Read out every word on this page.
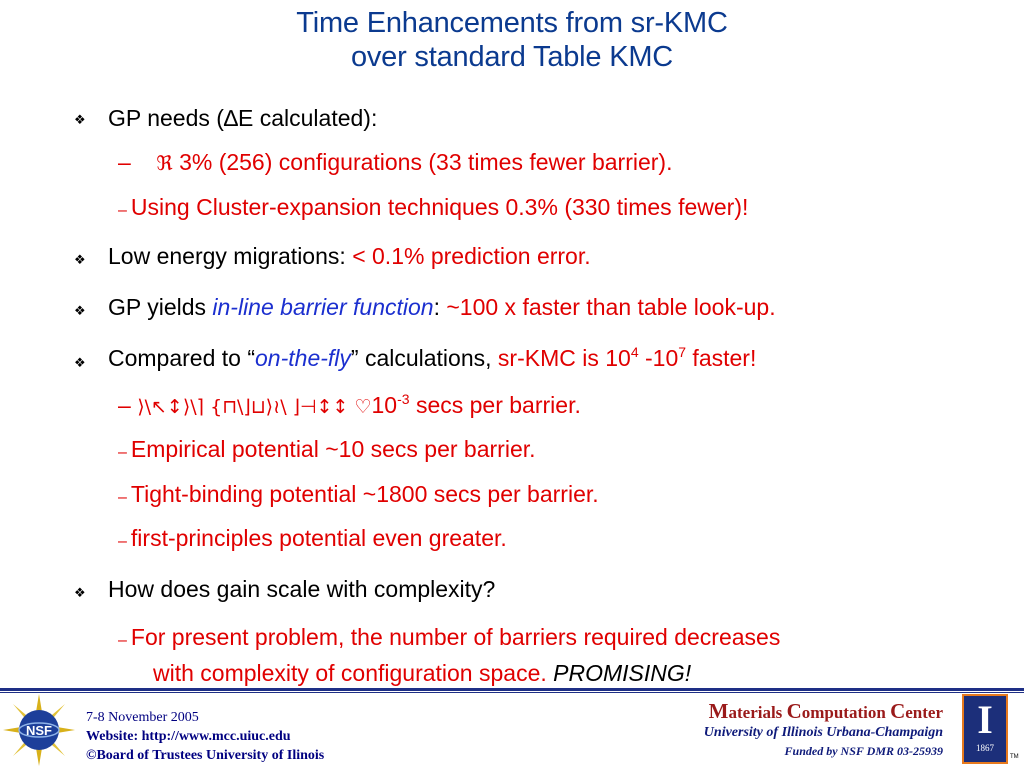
Time Enhancements from sr-KMC
over standard Table KMC
❖ GP needs (∆E calculated):
– ℜ 3% (256) configurations (33 times fewer barrier).
– Using Cluster-expansion techniques 0.3% (330 times fewer)!
❖ Low energy migrations: < 0.1% prediction error.
❖ GP yields in-line barrier function: ~100 x faster than table look-up.
❖ Compared to “on-the-fly” calculations, sr-KMC is $10^4$ $-10^7$ faster!
– ⟩\↖↕⟩\⌉ {⊓\⌋⊔⟩≀\ ⌋⊣↕↕ $♡10^{-3}$ secs per barrier.
– Empirical potential ~10 secs per barrier.
– Tight-binding potential ~1800 secs per barrier.
– first-principles potential even greater.
❖ How does gain scale with complexity?
– For present problem, the number of barriers required decreases
with complexity of configuration space. PROMISING!
NSF
7-8 November 2005
Website: http://www.mcc.uiuc.edu
©Board of Trustees University of Ilinois
Materials Computation Center
University of Illinois Urbana-Champaign
Funded by NSF DMR 03-25939
I
1867
TM
